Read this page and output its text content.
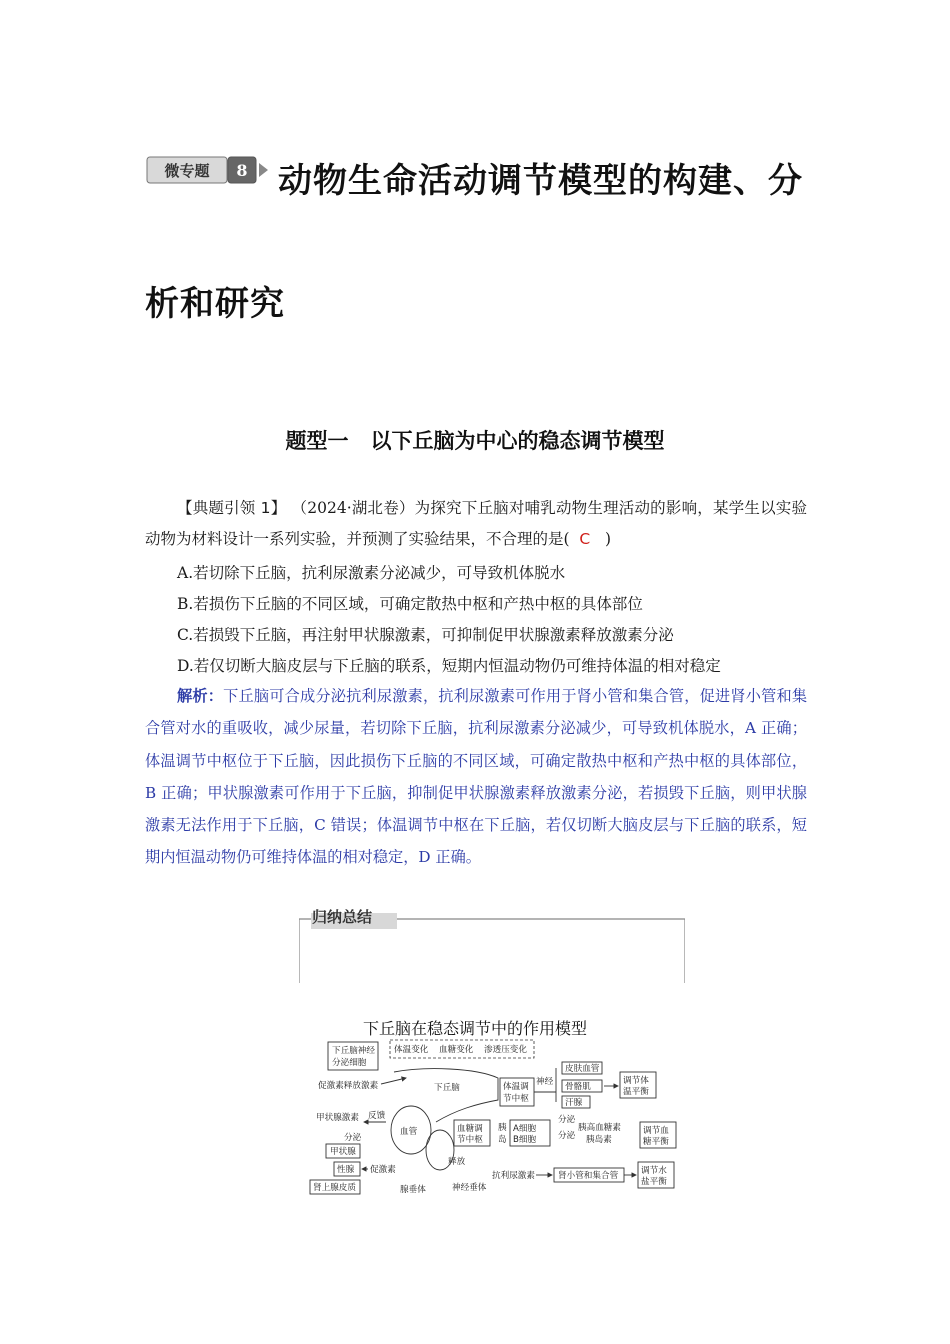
微专题 8 动物生命活动调节模型的构建、分
析和研究
题型一 以下丘脑为中心的稳态调节模型
【典题引领 1】 （2024·湖北卷）为探究下丘脑对哺乳动物生理活动的影响，某学生以实验动物为材料设计一系列实验，并预测了实验结果，不合理的是( C )
A.若切除下丘脑，抗利尿激素分泌减少，可导致机体脱水
B.若损伤下丘脑的不同区域，可确定散热中枢和产热中枢的具体部位
C.若损毁下丘脑，再注射甲状腺激素，可抑制促甲状腺激素释放激素分泌
D.若仅切断大脑皮层与下丘脑的联系，短期内恒温动物仍可维持体温的相对稳定
解析：下丘脑可合成分泌抗利尿激素，抗利尿激素可作用于肾小管和集合管，促进肾小管和集合管对水的重吸收，减少尿量，若切除下丘脑，抗利尿激素分泌减少，可导致机体脱水，A 正确；体温调节中枢位于下丘脑，因此损伤下丘脑的不同区域，可确定散热中枢和产热中枢的具体部位，B 正确；甲状腺激素可作用于下丘脑，抑制促甲状腺激素释放激素分泌，若损毁下丘脑，则甲状腺激素无法作用于下丘脑，C 错误；体温调节中枢在下丘脑，若仅切断大脑皮层与下丘脑的联系，短期内恒温动物仍可维持体温的相对稳定，D 正确。
归纳总结
下丘脑在稳态调节中的作用模型
体温变化 血糖变化 渗透压变化
下丘脑神经
分泌细胞
下丘脑
促激素释放激素
血管
腺垂体	神经垂体
释放
甲状腺激素 反馈
分泌
甲状腺
性腺
肾上腺皮质
促激素
体温调
节中枢
神经
皮肤血管
骨骼肌
汗腺
调节体
温平衡
血糖调
节中枢
胰
岛
A细胞
B细胞
分泌
分泌
胰高血糖素
胰岛素
调节血
糖平衡
抗利尿激素	肾小管和集合管	调节水
盐平衡
